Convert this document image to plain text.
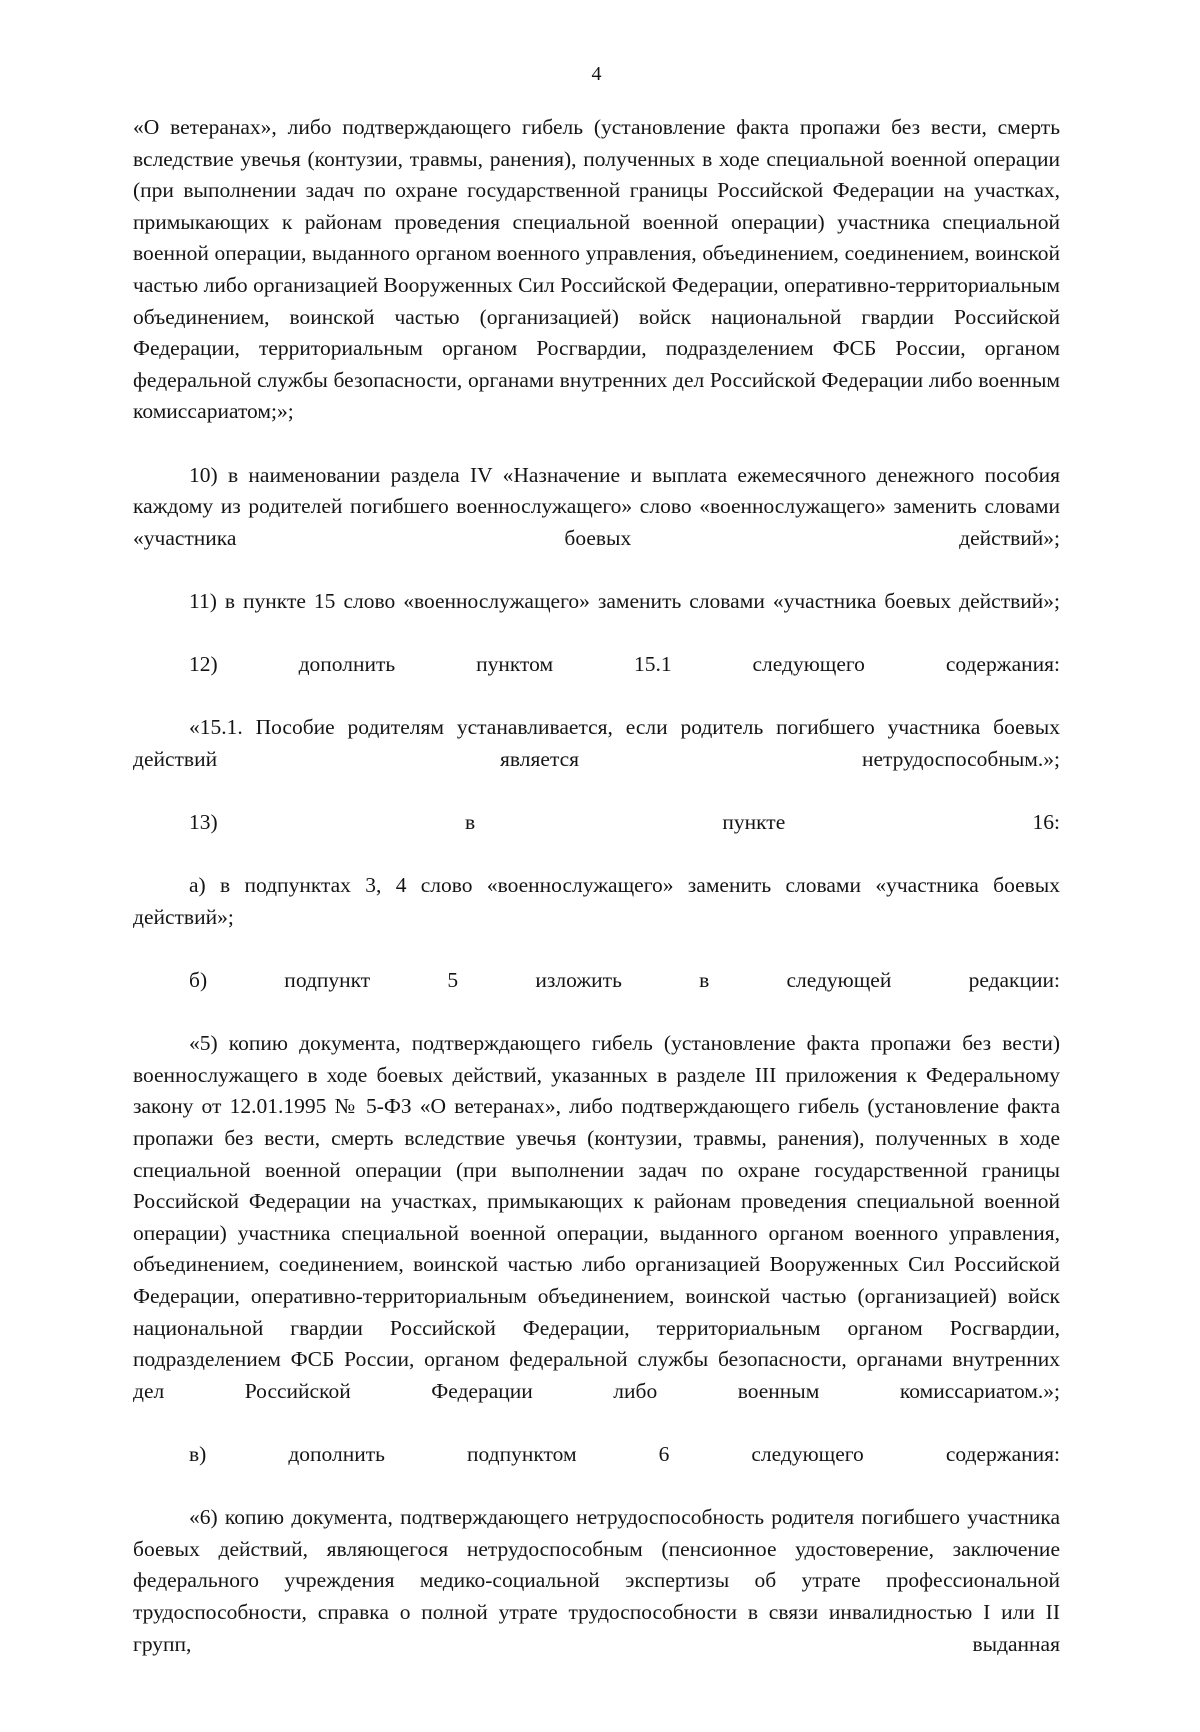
4

«О ветеранах», либо подтверждающего гибель (установление факта пропажи без вести, смерть вследствие увечья (контузии, травмы, ранения), полученных в ходе специальной военной операции (при выполнении задач по охране государственной границы Российской Федерации на участках, примыкающих к районам проведения специальной военной операции) участника специальной военной операции, выданного органом военного управления, объединением, соединением, воинской частью либо организацией Вооруженных Сил Российской Федерации, оперативно-территориальным объединением, воинской частью (организацией) войск национальной гвардии Российской Федерации, территориальным органом Росгвардии, подразделением ФСБ России, органом федеральной службы безопасности, органами внутренних дел Российской Федерации либо военным комиссариатом;»;

10) в наименовании раздела IV «Назначение и выплата ежемесячного денежного пособия каждому из родителей погибшего военнослужащего» слово «военнослужащего» заменить словами «участника боевых действий»;

11) в пункте 15 слово «военнослужащего» заменить словами «участника боевых действий»;

12) дополнить пунктом 15.1 следующего содержания:

«15.1. Пособие родителям устанавливается, если родитель погибшего участника боевых действий является нетрудоспособным.»;

13) в пункте 16:

а) в подпунктах 3, 4 слово «военнослужащего» заменить словами «участника боевых действий»;

б) подпункт 5 изложить в следующей редакции:

«5) копию документа, подтверждающего гибель (установление факта пропажи без вести) военнослужащего в ходе боевых действий, указанных в разделе III приложения к Федеральному закону от 12.01.1995 № 5-ФЗ «О ветеранах», либо подтверждающего гибель (установление факта пропажи без вести, смерть вследствие увечья (контузии, травмы, ранения), полученных в ходе специальной военной операции (при выполнении задач по охране государственной границы Российской Федерации на участках, примыкающих к районам проведения специальной военной операции) участника специальной военной операции, выданного органом военного управления, объединением, соединением, воинской частью либо организацией Вооруженных Сил Российской Федерации, оперативно-территориальным объединением, воинской частью (организацией) войск национальной гвардии Российской Федерации, территориальным органом Росгвардии, подразделением ФСБ России, органом федеральной службы безопасности, органами внутренних дел Российской Федерации либо военным комиссариатом.»;

в) дополнить подпунктом 6 следующего содержания:

«6) копию документа, подтверждающего нетрудоспособность родителя погибшего участника боевых действий, являющегося нетрудоспособным (пенсионное удостоверение, заключение федерального учреждения медико-социальной экспертизы об утрате профессиональной трудоспособности, справка о полной утрате трудоспособности в связи инвалидностью I или II групп, выданная
